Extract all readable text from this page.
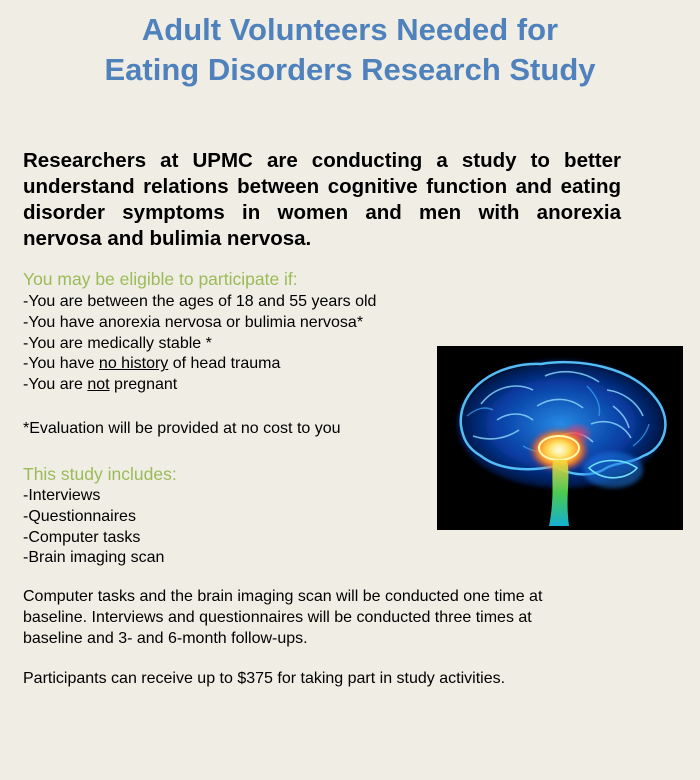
Adult Volunteers Needed for
Eating Disorders Research Study
Researchers at UPMC are conducting a study to better understand relations between cognitive function and eating disorder symptoms in women and men with anorexia nervosa and bulimia nervosa.
You may be eligible to participate if:
-You are between the ages of 18 and 55 years old
-You have anorexia nervosa or bulimia nervosa*
-You are medically stable *
-You have no history of head trauma
-You are not pregnant
*Evaluation will be provided at no cost to you
This study includes:
-Interviews
-Questionnaires
-Computer tasks
-Brain imaging scan
Computer tasks and the brain imaging scan will be conducted one time at
baseline. Interviews and questionnaires will be conducted three times at
baseline and 3- and 6-month follow-ups.
Participants can receive up to $375 for taking part in study activities.
